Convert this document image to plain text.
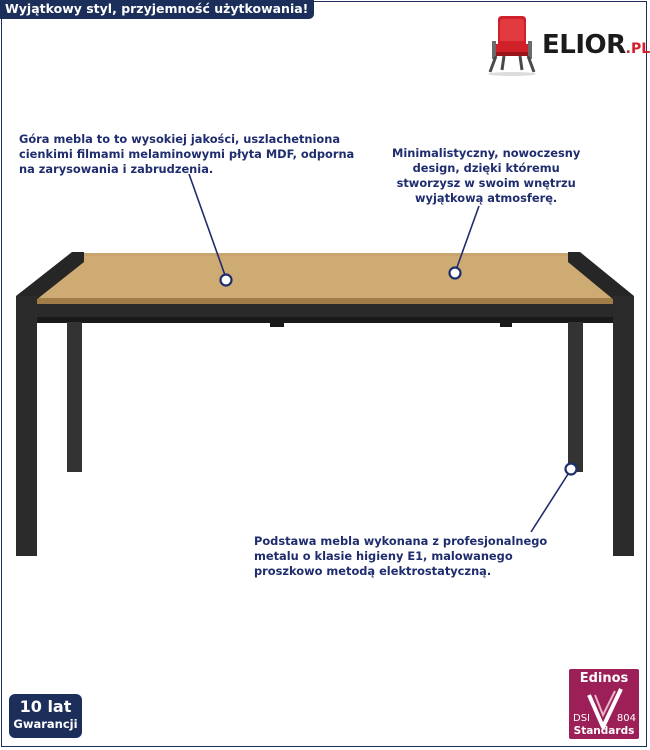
Wyjątkowy styl, przyjemność użytkowania!
ELIOR.PL
Góra mebla to to wysokiej jakości, uszlachetniona
cienkimi filmami melaminowymi płyta MDF, odporna
na zarysowania i zabrudzenia.
Minimalistyczny, nowoczesny
design, dzięki któremu
stworzysz w swoim wnętrzu
wyjątkową atmosferę.
Podstawa mebla wykonana z profesjonalnego
metalu o klasie higieny E1, malowanego
proszkowo metodą elektrostatyczną.
10 lat
Gwarancji
Edinos
DSI	804
Standards
